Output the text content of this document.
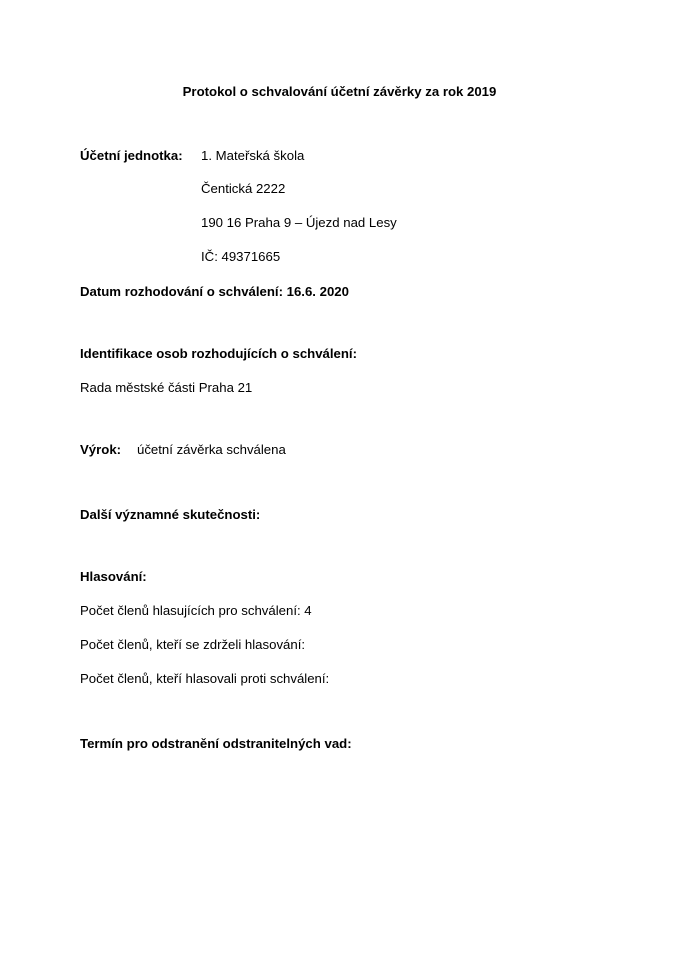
Protokol o schvalování účetní závěrky za rok 2019
Účetní jednotka: 1. Mateřská škola
Čentická 2222
190 16 Praha 9 – Újezd nad Lesy
IČ: 49371665
Datum rozhodování o schválení: 16.6. 2020
Identifikace osob rozhodujících o schválení:
Rada městské části Praha 21
Výrok: účetní závěrka schválena
Další významné skutečnosti:
Hlasování:
Počet členů hlasujících pro schválení: 4
Počet členů, kteří se zdrželi hlasování:
Počet členů, kteří hlasovali proti schválení:
Termín pro odstranění odstranitelných vad:
